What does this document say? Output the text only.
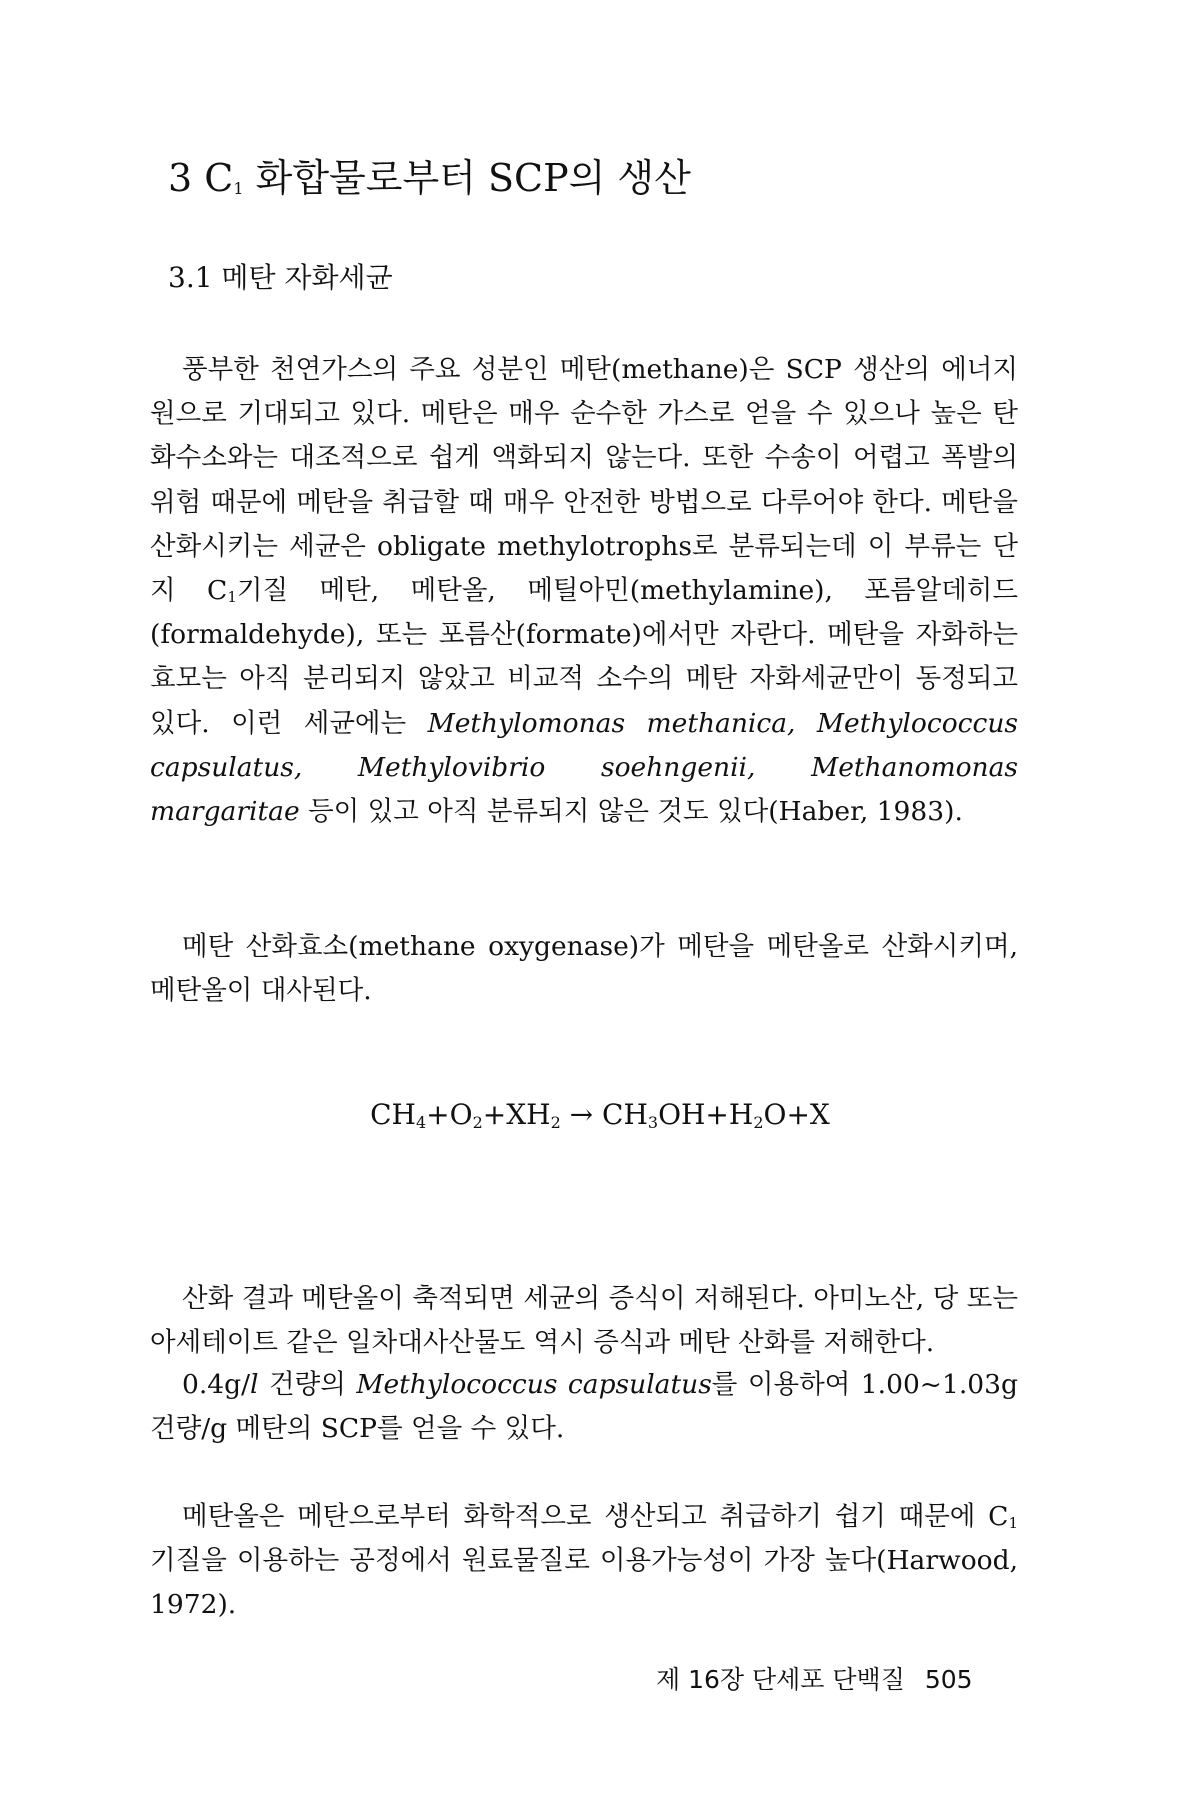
3 $C_1$ 화합물로부터 SCP의 생산
3.1 메탄 자화세균

풍부한 천연가스의 주요 성분인 메탄(methane)은 SCP 생산의 에너지원으로 기대되고 있다. 메탄은 매우 순수한 가스로 얻을 수 있으나 높은 탄화수소와는 대조적으로 쉽게 액화되지 않는다. 또한 수송이 어렵고 폭발의 위험 때문에 메탄을 취급할 때 매우 안전한 방법으로 다루어야 한다. 메탄을 산화시키는 세균은 obligate methylotrophs로 분류되는데 이 부류는 단지 $C_1$기질 메탄, 메탄올, 메틸아민(methylamine), 포름알데히드(formaldehyde), 또는 포름산(formate)에서만 자란다. 메탄을 자화하는 효모는 아직 분리되지 않았고 비교적 소수의 메탄 자화세균만이 동정되고 있다. 이런 세균에는 Methylomonas methanica, Methylococcus capsulatus, Methylovibrio soehngenii, Methanomonas margaritae 등이 있고 아직 분류되지 않은 것도 있다(Haber, 1983).

메탄 산화효소(methane oxygenase)가 메탄을 메탄올로 산화시키며, 메탄올이 대사된다.

$CH_4+O_2+XH_2 \to CH_3OH+H_2O+X$

산화 결과 메탄올이 축적되면 세균의 증식이 저해된다. 아미노산, 당 또는 아세테이트 같은 일차대사산물도 역시 증식과 메탄 산화를 저해한다.

0.4g/l 건량의 Methylococcus capsulatus를 이용하여 1.00~1.03g 건량/g 메탄의 SCP를 얻을 수 있다.

메탄올은 메탄으로부터 화학적으로 생산되고 취급하기 쉽기 때문에 $C_1$ 기질을 이용하는 공정에서 원료물질로 이용가능성이 가장 높다(Harwood, 1972).

제 16장 단세포 단백질 505
